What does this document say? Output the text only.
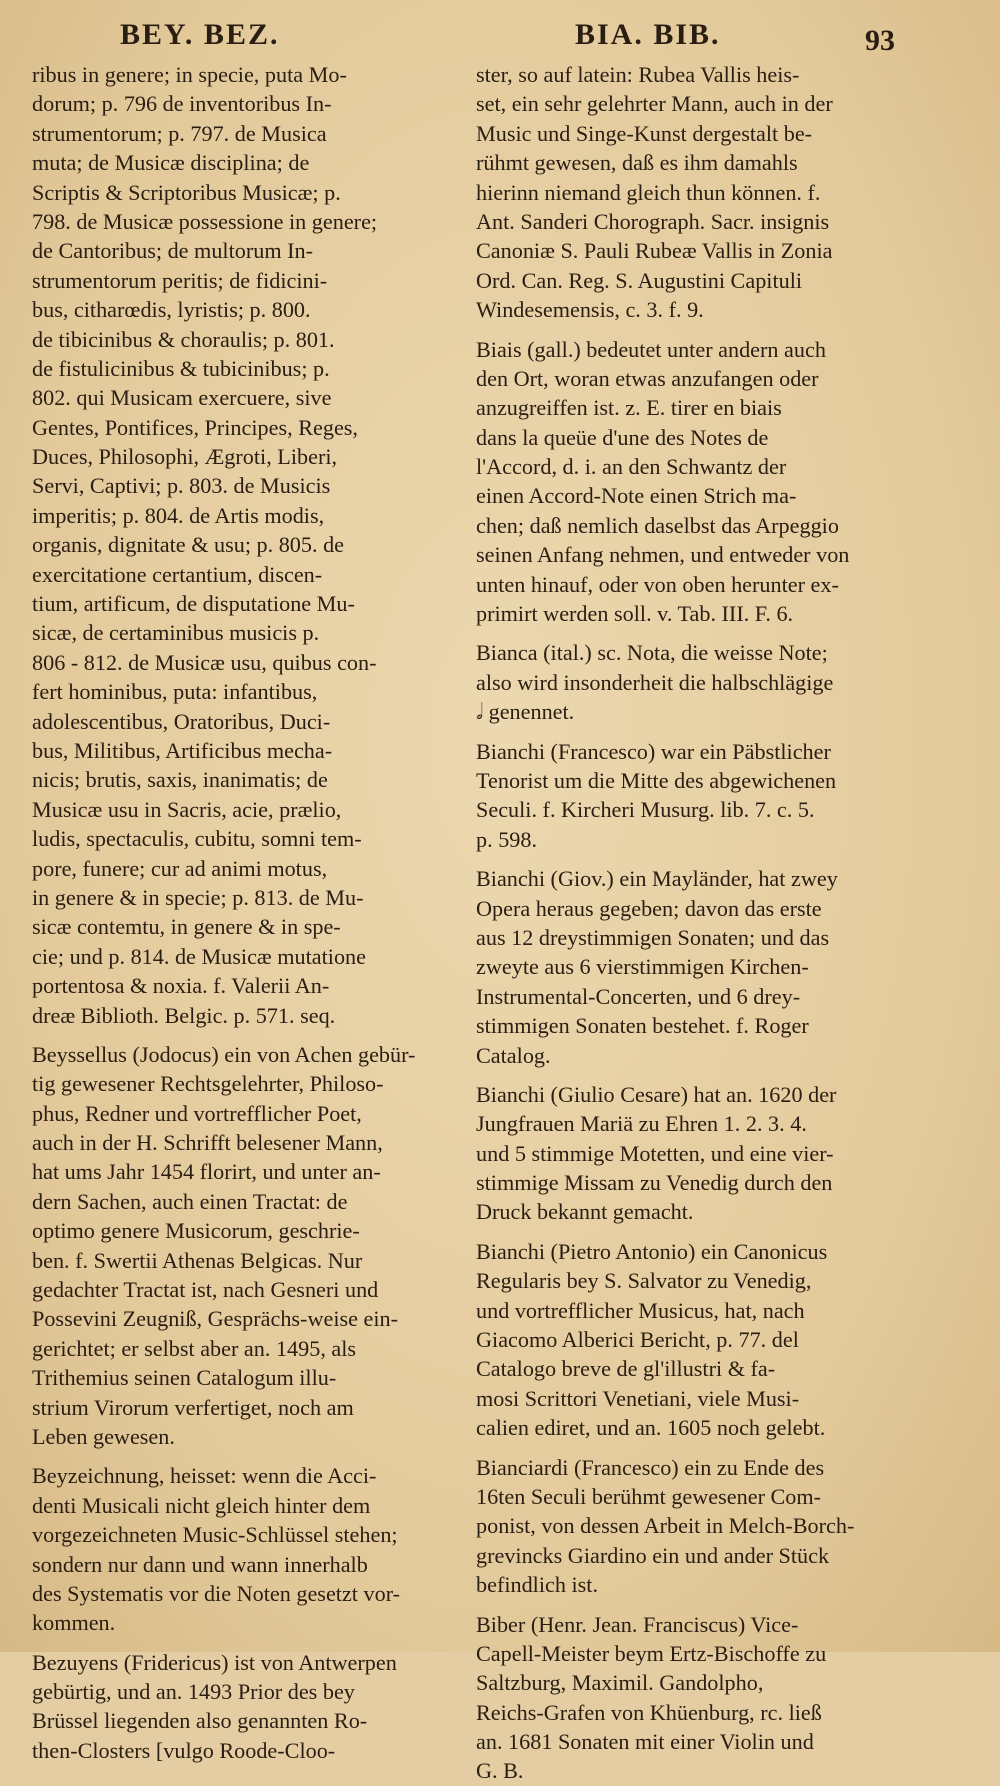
BEY. BEZ.	BIA. BIB.	93
ribus in genere; in specie, puta Mo-
dorum; p. 796 de inventoribus In-
strumentorum; p. 797. de Musica
muta; de Musicæ disciplina; de
Scriptis & Scriptoribus Musicæ; p.
798. de Musicæ possessione in genere;
de Cantoribus; de multorum In-
strumentorum peritis; de fidicini-
bus, citharœdis, lyristis; p. 800.
de tibicinibus & choraulis; p. 801.
de fistulicinibus & tubicinibus; p.
802. qui Musicam exercuere, sive
Gentes, Pontifices, Principes, Reges,
Duces, Philosophi, Ægroti, Liberi,
Servi, Captivi; p. 803. de Musicis
imperitis; p. 804. de Artis modis,
organis, dignitate & usu; p. 805. de
exercitatione certantium, discen-
tium, artificum, de disputatione Mu-
sicæ, de certaminibus musicis p.
806 - 812. de Musicæ usu, quibus con-
fert hominibus, puta: infantibus,
adolescentibus, Oratoribus, Duci-
bus, Militibus, Artificibus mecha-
nicis; brutis, saxis, inanimatis; de
Musicæ usu in Sacris, acie, prælio,
ludis, spectaculis, cubitu, somni tem-
pore, funere; cur ad animi motus,
in genere & in specie; p. 813. de Mu-
sicæ contemtu, in genere & in spe-
cie; und p. 814. de Musicæ mutatione
portentosa & noxia. f. Valerii An-
dreæ Biblioth. Belgic. p. 571. seq.
Beyssellus (Jodocus) ein von Achen gebür-
tig gewesener Rechtsgelehrter, Philoso-
phus, Redner und vortrefflicher Poet,
auch in der H. Schrifft belesener Mann,
hat ums Jahr 1454 florirt, und unter an-
dern Sachen, auch einen Tractat: de
optimo genere Musicorum, geschrie-
ben. f. Swertii Athenas Belgicas. Nur
gedachter Tractat ist, nach Gesneri und
Possevini Zeugniß, Gesprächs-weise ein-
gerichtet; er selbst aber an. 1495, als
Trithemius seinen Catalogum illu-
strium Virorum verfertiget, noch am
Leben gewesen.
Beyzeichnung, heisset: wenn die Acci-
denti Musicali nicht gleich hinter dem
vorgezeichneten Music-Schlüssel stehen;
sondern nur dann und wann innerhalb
des Systematis vor die Noten gesetzt vor-
kommen.
Bezuyens (Fridericus) ist von Antwerpen
gebürtig, und an. 1493 Prior des bey
Brüssel liegenden also genannten Ro-
then-Closters [vulgo Roode-Cloo-
ster, so auf latein: Rubea Vallis heis-
set, ein sehr gelehrter Mann, auch in der
Music und Singe-Kunst dergestalt be-
rühmt gewesen, daß es ihm damahls
hierinn niemand gleich thun können. f.
Ant. Sanderi Chorograph. Sacr. insignis
Canoniæ S. Pauli Rubeæ Vallis in Zonia
Ord. Can. Reg. S. Augustini Capituli
Windesemensis, c. 3. f. 9.
Biais (gall.) bedeutet unter andern auch
den Ort, woran etwas anzufangen oder
anzugreiffen ist. z. E. tirer en biais
dans la queüe d'une des Notes de
l'Accord, d. i. an den Schwantz der
einen Accord-Note einen Strich ma-
chen; daß nemlich daselbst das Arpeggio
seinen Anfang nehmen, und entweder von
unten hinauf, oder von oben herunter ex-
primirt werden soll. v. Tab. III. F. 6.
Bianca (ital.) sc. Nota, die weisse Note;
also wird insonderheit die halbschlägige
𝅗𝅥 genennet.
Bianchi (Francesco) war ein Päbstlicher
Tenorist um die Mitte des abgewichenen
Seculi. f. Kircheri Musurg. lib. 7. c. 5.
p. 598.
Bianchi (Giov.) ein Mayländer, hat zwey
Opera heraus gegeben; davon das erste
aus 12 dreystimmigen Sonaten; und das
zweyte aus 6 vierstimmigen Kirchen-
Instrumental-Concerten, und 6 drey-
stimmigen Sonaten bestehet. f. Roger
Catalog.
Bianchi (Giulio Cesare) hat an. 1620 der
Jungfrauen Mariä zu Ehren 1. 2. 3. 4.
und 5 stimmige Motetten, und eine vier-
stimmige Missam zu Venedig durch den
Druck bekannt gemacht.
Bianchi (Pietro Antonio) ein Canonicus
Regularis bey S. Salvator zu Venedig,
und vortrefflicher Musicus, hat, nach
Giacomo Alberici Bericht, p. 77. del
Catalogo breve de gl'illustri & fa-
mosi Scrittori Venetiani, viele Musi-
calien ediret, und an. 1605 noch gelebt.
Bianciardi (Francesco) ein zu Ende des
16ten Seculi berühmt gewesener Com-
ponist, von dessen Arbeit in Melch-Borch-
grevincks Giardino ein und ander Stück
befindlich ist.
Biber (Henr. Jean. Franciscus) Vice-
Capell-Meister beym Ertz-Bischoffe zu
Saltzburg, Maximil. Gandolpho,
Reichs-Grafen von Khüenburg, rc. ließ
an. 1681 Sonaten mit einer Violin und
G. B.
